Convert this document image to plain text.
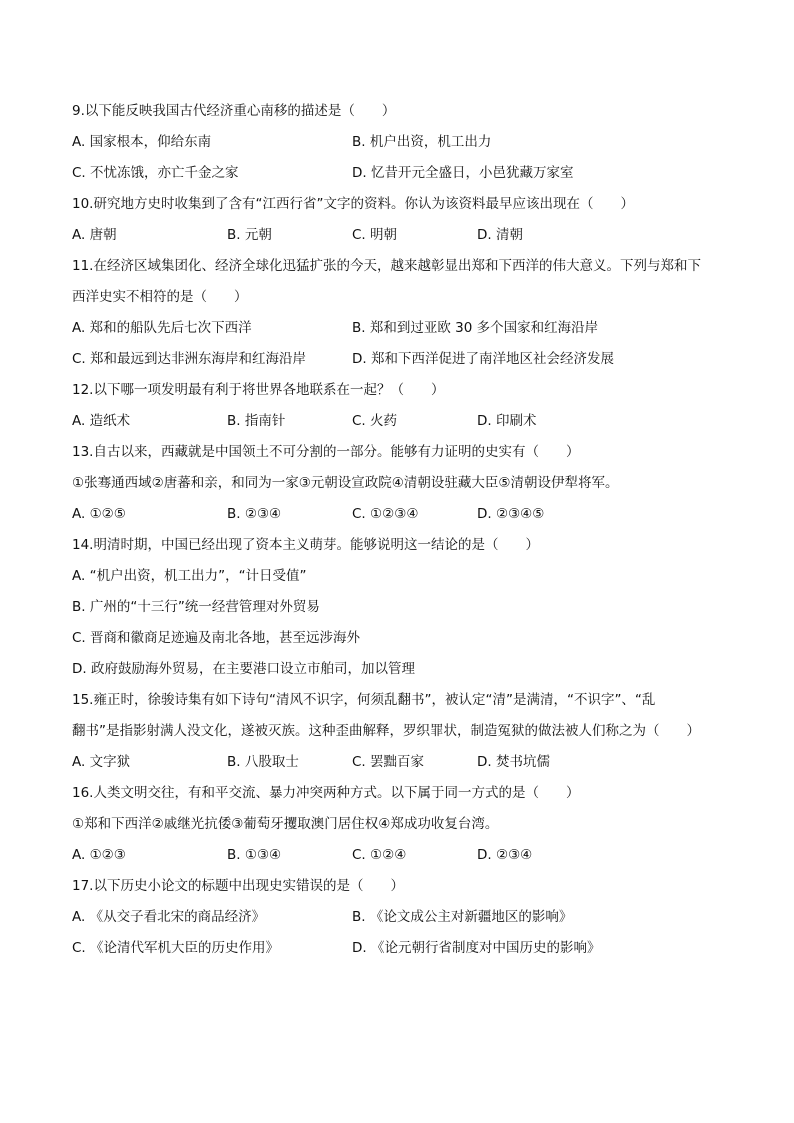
9.以下能反映我国古代经济重心南移的描述是（　　）
A. 国家根本，仰给东南	B. 机户出资，机工出力
C. 不忧冻饿，亦亡千金之家	D. 忆昔开元全盛日，小邑犹藏万家室
10.研究地方史时收集到了含有“江西行省”文字的资料。你认为该资料最早应该出现在（　　）
A. 唐朝	B. 元朝	C. 明朝	D. 清朝
11.在经济区域集团化、经济全球化迅猛扩张的今天，越来越彰显出郑和下西洋的伟大意义。下列与郑和下
西洋史实不相符的是（　　）
A. 郑和的船队先后七次下西洋	B. 郑和到过亚欧 30 多个国家和红海沿岸
C. 郑和最远到达非洲东海岸和红海沿岸	D. 郑和下西洋促进了南洋地区社会经济发展
12.以下哪一项发明最有利于将世界各地联系在一起？（　　）
A. 造纸术	B. 指南针	C. 火药	D. 印刷术
13.自古以来，西藏就是中国领土不可分割的一部分。能够有力证明的史实有（　　）
①张骞通西域②唐蕃和亲，和同为一家③元朝设宣政院④清朝设驻藏大臣⑤清朝设伊犁将军。
A. ①②⑤	B. ②③④	C. ①②③④	D. ②③④⑤
14.明清时期，中国已经出现了资本主义萌芽。能够说明这一结论的是（　　）
A. “机户出资，机工出力”，“计日受值”
B. 广州的“十三行”统一经营管理对外贸易
C. 晋商和徽商足迹遍及南北各地，甚至远涉海外
D. 政府鼓励海外贸易，在主要港口设立市舶司，加以管理
15.雍正时，徐骏诗集有如下诗句“清风不识字，何须乱翻书”，被认定“清”是满清，“不识字”、“乱
翻书”是指影射满人没文化，遂被灭族。这种歪曲解释，罗织罪状，制造冤狱的做法被人们称之为（　　）
A. 文字狱	B. 八股取士	C. 罢黜百家	D. 焚书坑儒
16.人类文明交往，有和平交流、暴力冲突两种方式。以下属于同一方式的是（　　）
①郑和下西洋②戚继光抗倭③葡萄牙攫取澳门居住权④郑成功收复台湾。
A. ①②③	B. ①③④	C. ①②④	D. ②③④
17.以下历史小论文的标题中出现史实错误的是（　　）
A. 《从交子看北宋的商品经济》	B. 《论文成公主对新疆地区的影响》
C. 《论清代军机大臣的历史作用》	D. 《论元朝行省制度对中国历史的影响》
